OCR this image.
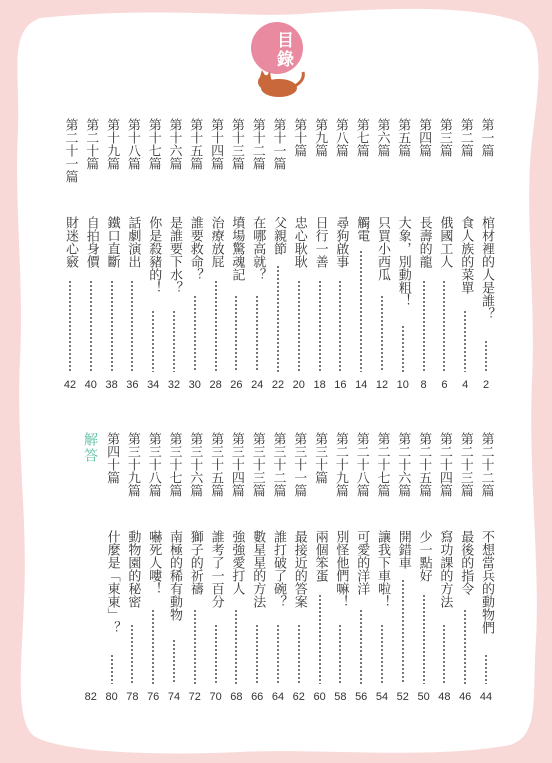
目錄
第一篇
棺材裡的人是誰？
2
第二篇
食人族的菜單
4
第三篇
俄國工人
6
第四篇
長壽的龍
8
第五篇
大象，別動粗！
10
第六篇
只買小西瓜
12
第七篇
觸電
14
第八篇
尋狗啟事
16
第九篇
日行一善
18
第十篇
忠心耿耿
20
第十一篇
父親節
22
第十二篇
在哪高就？
24
第十三篇
墳場驚魂記
26
第十四篇
治療放屁
28
第十五篇
誰要救命？
30
第十六篇
是誰要下水？
32
第十七篇
你是殺豬的！
34
第十八篇
話劇演出
36
第十九篇
鐵口直斷
38
第二十篇
自拍身價
40
第二十一篇
財迷心竅
42
第二十二篇
不想當兵的動物們
44
第二十三篇
最後的指令
46
第二十四篇
寫功課的方法
48
第二十五篇
少一點好
50
第二十六篇
開錯車
52
第二十七篇
讓我下車啦！
54
第二十八篇
可愛的洋洋
56
第二十九篇
別怪他們嘛！
58
第三十篇
兩個笨蛋
60
第三十一篇
最接近的答案
62
第三十二篇
誰打破了碗？
64
第三十三篇
數星星的方法
66
第三十四篇
強強愛打人
68
第三十五篇
誰考了一百分
70
第三十六篇
獅子的祈禱
72
第三十七篇
南極的稀有動物
74
第三十八篇
嚇死人嘍！
76
第三十九篇
動物園的秘密
78
第四十篇
什麼是「東東」？
80
82
解答
